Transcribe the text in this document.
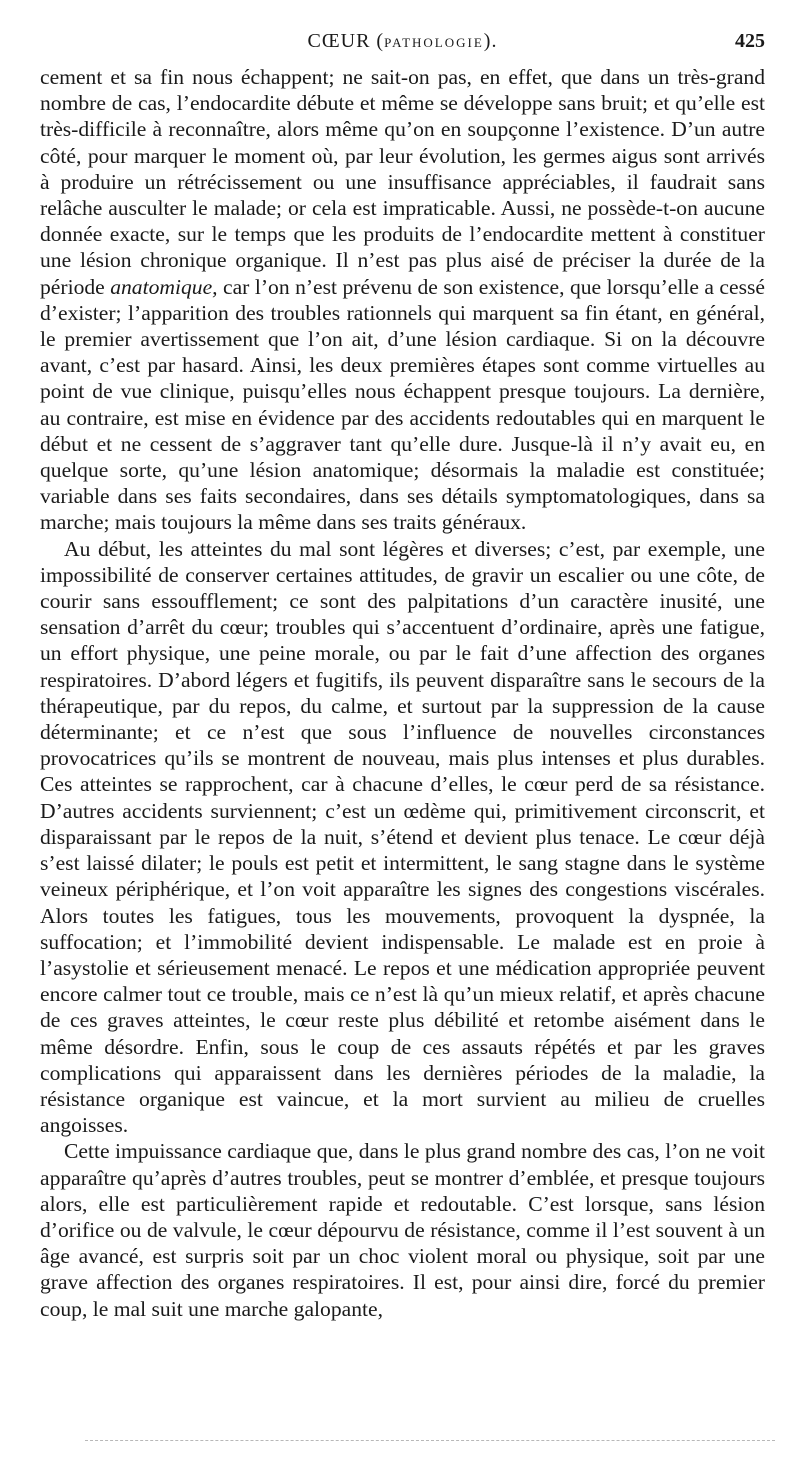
CŒUR (PATHOLOGIE).	425

cement et sa fin nous échappent; ne sait-on pas, en effet, que dans un très-grand nombre de cas, l’endocardite débute et même se développe sans bruit; et qu’elle est très-difficile à reconnaître, alors même qu’on en soupçonne l’existence. D’un autre côté, pour marquer le moment où, par leur évolution, les germes aigus sont arrivés à produire un rétrécissement ou une insuffisance appréciables, il faudrait sans relâche ausculter le malade; or cela est impraticable. Aussi, ne possède-t-on aucune donnée exacte, sur le temps que les produits de l’endocardite mettent à constituer une lésion chronique organique. Il n’est pas plus aisé de préciser la durée de la période anatomique, car l’on n’est prévenu de son existence, que lorsqu’elle a cessé d’exister; l’apparition des troubles rationnels qui marquent sa fin étant, en général, le premier avertissement que l’on ait, d’une lésion cardiaque. Si on la découvre avant, c’est par hasard. Ainsi, les deux premières étapes sont comme virtuelles au point de vue clinique, puisqu’elles nous échappent presque toujours. La dernière, au contraire, est mise en évidence par des accidents redoutables qui en marquent le début et ne cessent de s’aggraver tant qu’elle dure. Jusque-là il n’y avait eu, en quelque sorte, qu’une lésion anatomique; désormais la maladie est constituée; variable dans ses faits secondaires, dans ses détails symptomatologiques, dans sa marche; mais toujours la même dans ses traits généraux.

Au début, les atteintes du mal sont légères et diverses; c’est, par exemple, une impossibilité de conserver certaines attitudes, de gravir un escalier ou une côte, de courir sans essoufflement; ce sont des palpitations d’un caractère inusité, une sensation d’arrêt du cœur; troubles qui s’accentuent d’ordinaire, après une fatigue, un effort physique, une peine morale, ou par le fait d’une affection des organes respiratoires. D’abord légers et fugitifs, ils peuvent disparaître sans le secours de la thérapeutique, par du repos, du calme, et surtout par la suppression de la cause déterminante; et ce n’est que sous l’influence de nouvelles circonstances provocatrices qu’ils se montrent de nouveau, mais plus intenses et plus durables. Ces atteintes se rapprochent, car à chacune d’elles, le cœur perd de sa résistance. D’autres accidents surviennent; c’est un œdème qui, primitivement circonscrit, et disparaissant par le repos de la nuit, s’étend et devient plus tenace. Le cœur déjà s’est laissé dilater; le pouls est petit et intermittent, le sang stagne dans le système veineux périphérique, et l’on voit apparaître les signes des congestions viscérales. Alors toutes les fatigues, tous les mouvements, provoquent la dyspnée, la suffocation; et l’immobilité devient indispensable. Le malade est en proie à l’asystolie et sérieusement menacé. Le repos et une médication appropriée peuvent encore calmer tout ce trouble, mais ce n’est là qu’un mieux relatif, et après chacune de ces graves atteintes, le cœur reste plus débilité et retombe aisément dans le même désordre. Enfin, sous le coup de ces assauts répétés et par les graves complications qui apparaissent dans les dernières périodes de la maladie, la résistance organique est vaincue, et la mort survient au milieu de cruelles angoisses.

Cette impuissance cardiaque que, dans le plus grand nombre des cas, l’on ne voit apparaître qu’après d’autres troubles, peut se montrer d’emblée, et presque toujours alors, elle est particulièrement rapide et redoutable. C’est lorsque, sans lésion d’orifice ou de valvule, le cœur dépourvu de résistance, comme il l’est souvent à un âge avancé, est surpris soit par un choc violent moral ou physique, soit par une grave affection des organes respiratoires. Il est, pour ainsi dire, forcé du premier coup, le mal suit une marche galopante,
